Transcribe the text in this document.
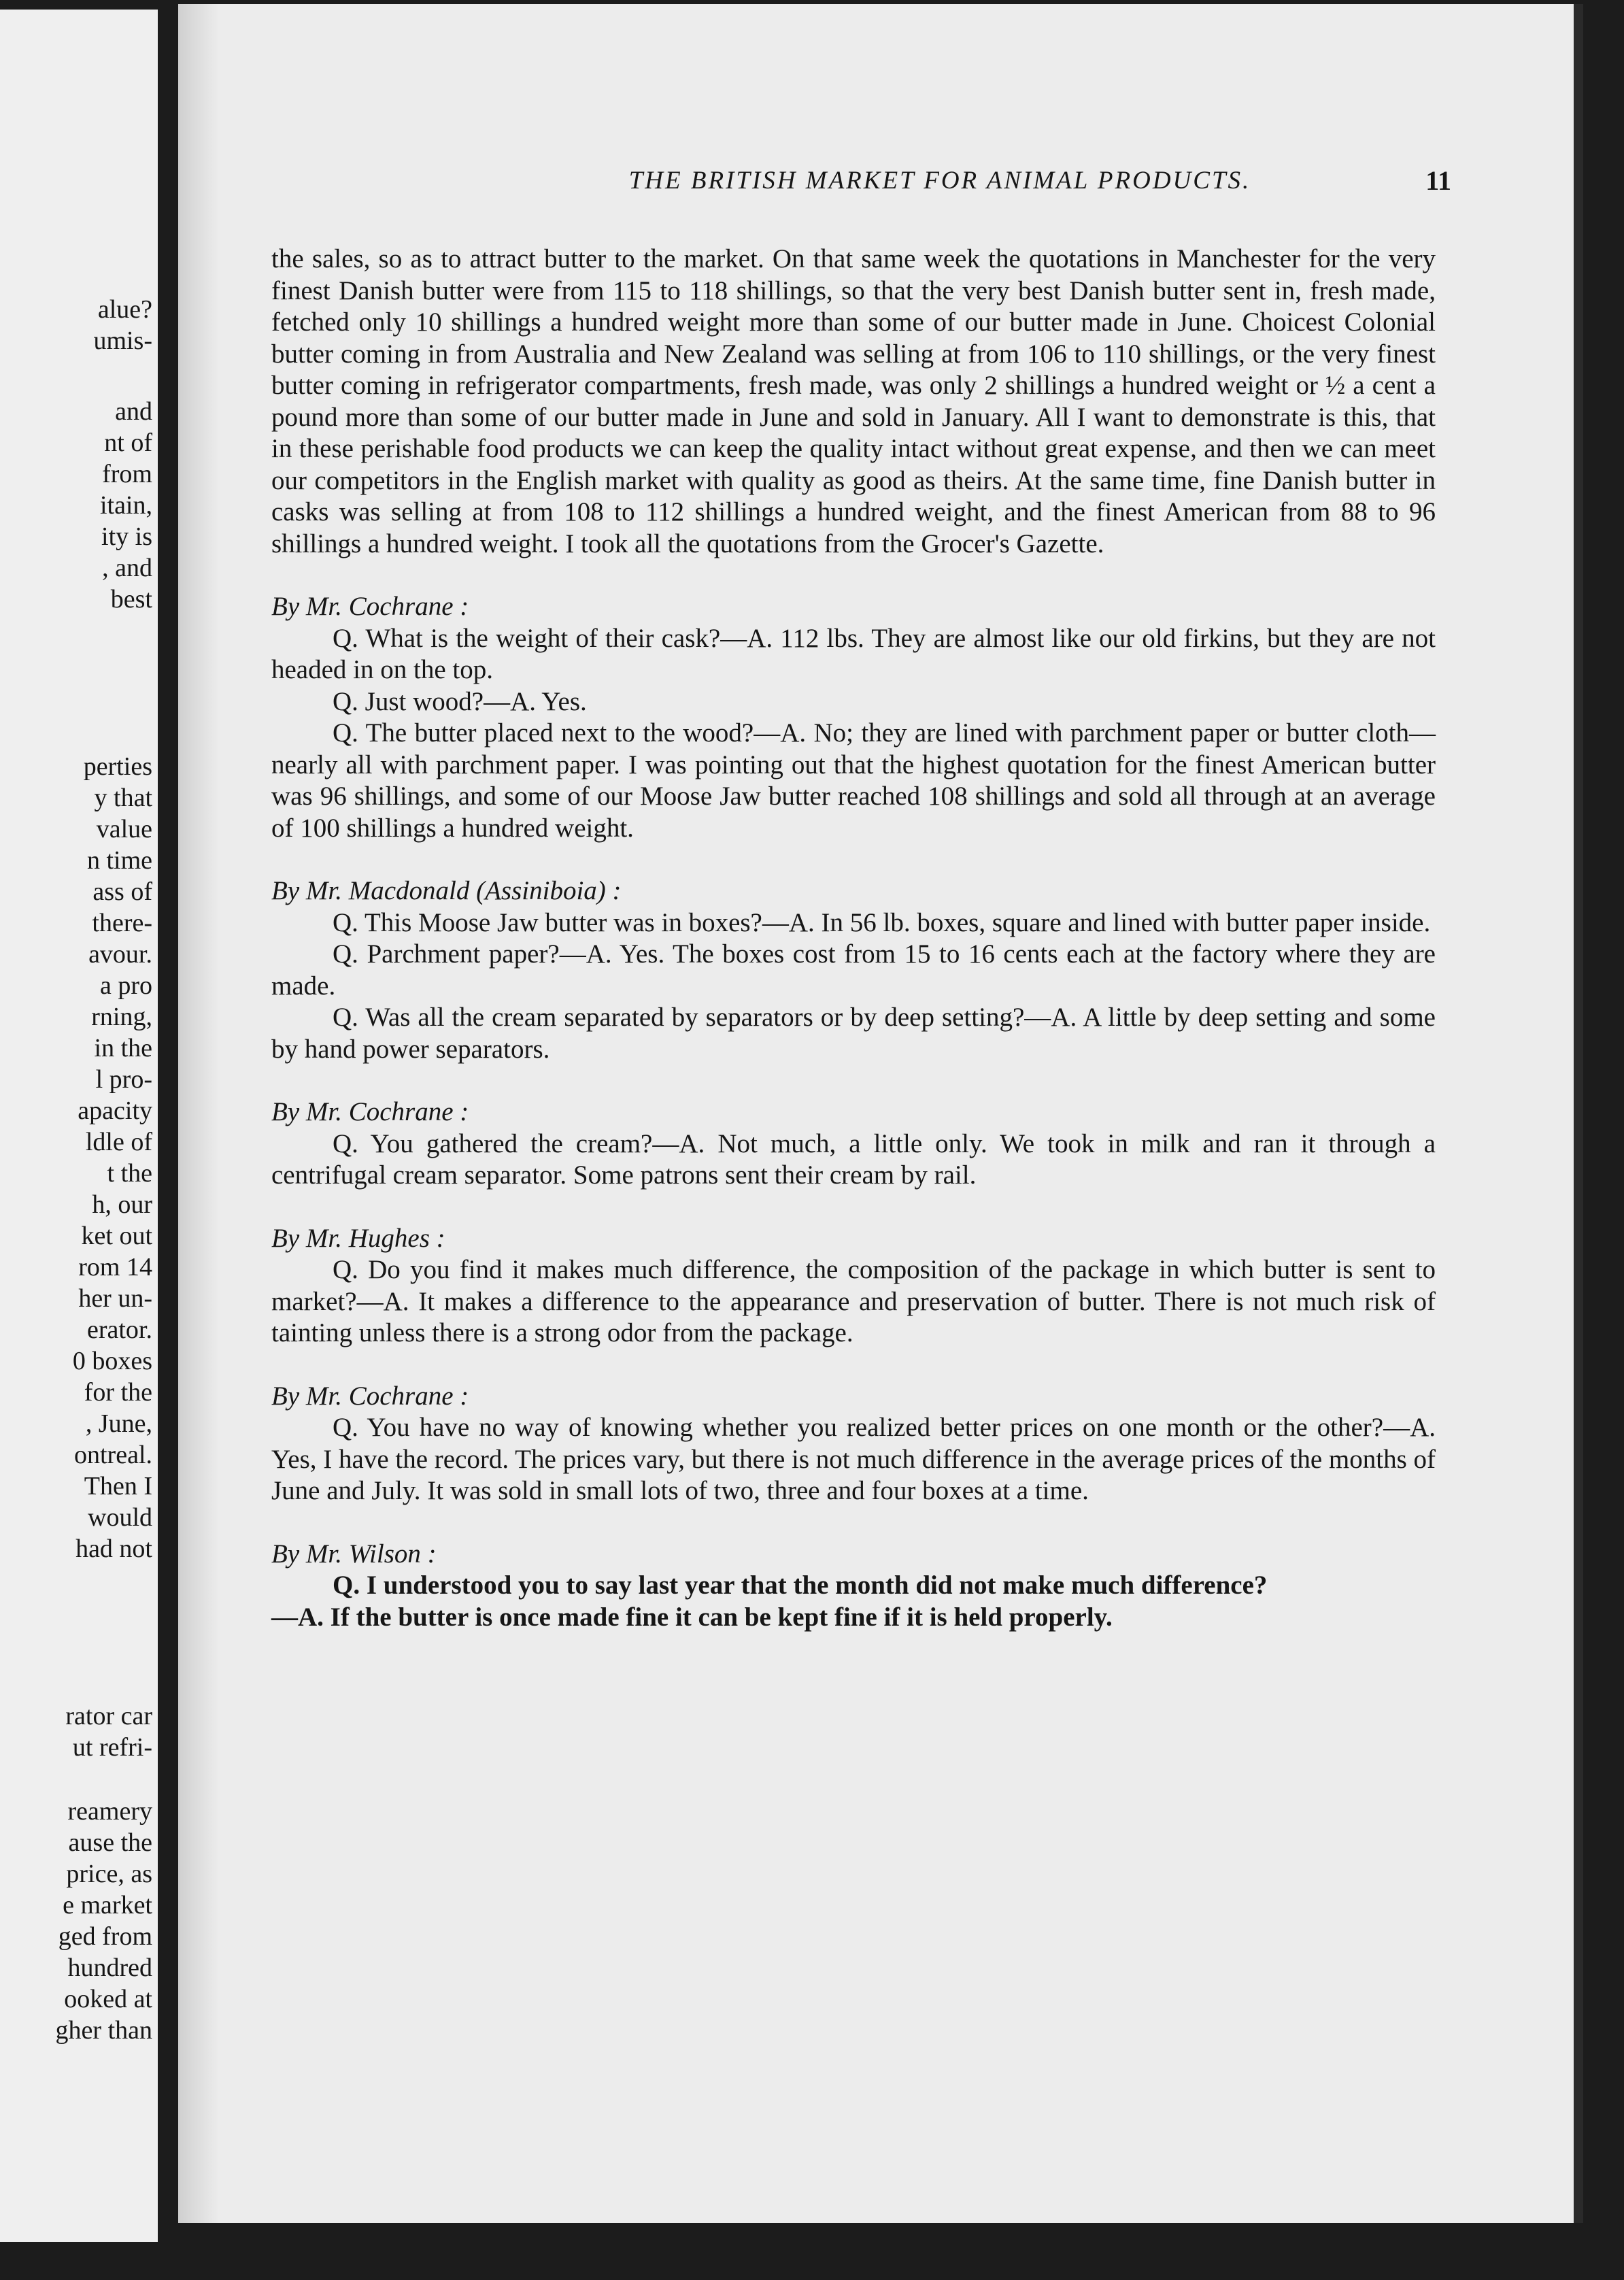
alue?
umis-
and
nt of
from
itain,
ity is
, and
best
perties
y that
value
n time
ass of
there-
avour.
a pro
rning,
in the
l pro-
apacity
ldle of
t the
h, our
ket out
rom 14
her un-
erator.
0 boxes
for the
, June,
ontreal.
Then I
would
had not
rator car
ut refri-
reamery
ause the
price, as
e market
ged from
hundred
ooked at
gher than
THE BRITISH MARKET FOR ANIMAL PRODUCTS.	11

the sales, so as to attract butter to the market. On that same week the quotations in Manchester for the very finest Danish butter were from 115 to 118 shillings, so that the very best Danish butter sent in, fresh made, fetched only 10 shillings a hundred weight more than some of our butter made in June. Choicest Colonial butter coming in from Australia and New Zealand was selling at from 106 to 110 shillings, or the very finest butter coming in refrigerator compartments, fresh made, was only 2 shillings a hundred weight or ½ a cent a pound more than some of our butter made in June and sold in January. All I want to demonstrate is this, that in these perishable food products we can keep the quality intact without great expense, and then we can meet our competitors in the English market with quality as good as theirs. At the same time, fine Danish butter in casks was selling at from 108 to 112 shillings a hundred weight, and the finest American from 88 to 96 shillings a hundred weight. I took all the quotations from the Grocer's Gazette.

By Mr. Cochrane :

Q. What is the weight of their cask?—A. 112 lbs. They are almost like our old firkins, but they are not headed in on the top.

Q. Just wood?—A. Yes.

Q. The butter placed next to the wood?—A. No; they are lined with parchment paper or butter cloth—nearly all with parchment paper. I was pointing out that the highest quotation for the finest American butter was 96 shillings, and some of our Moose Jaw butter reached 108 shillings and sold all through at an average of 100 shillings a hundred weight.

By Mr. Macdonald (Assiniboia) :

Q. This Moose Jaw butter was in boxes?—A. In 56 lb. boxes, square and lined with butter paper inside.

Q. Parchment paper?—A. Yes. The boxes cost from 15 to 16 cents each at the factory where they are made.

Q. Was all the cream separated by separators or by deep setting?—A. A little by deep setting and some by hand power separators.

By Mr. Cochrane :

Q. You gathered the cream?—A. Not much, a little only. We took in milk and ran it through a centrifugal cream separator. Some patrons sent their cream by rail.

By Mr. Hughes :

Q. Do you find it makes much difference, the composition of the package in which butter is sent to market?—A. It makes a difference to the appearance and preservation of butter. There is not much risk of tainting unless there is a strong odor from the package.

By Mr. Cochrane :

Q. You have no way of knowing whether you realized better prices on one month or the other?—A. Yes, I have the record. The prices vary, but there is not much difference in the average prices of the months of June and July. It was sold in small lots of two, three and four boxes at a time.

By Mr. Wilson :

Q. I understood you to say last year that the month did not make much difference?

—A. If the butter is once made fine it can be kept fine if it is held properly.
